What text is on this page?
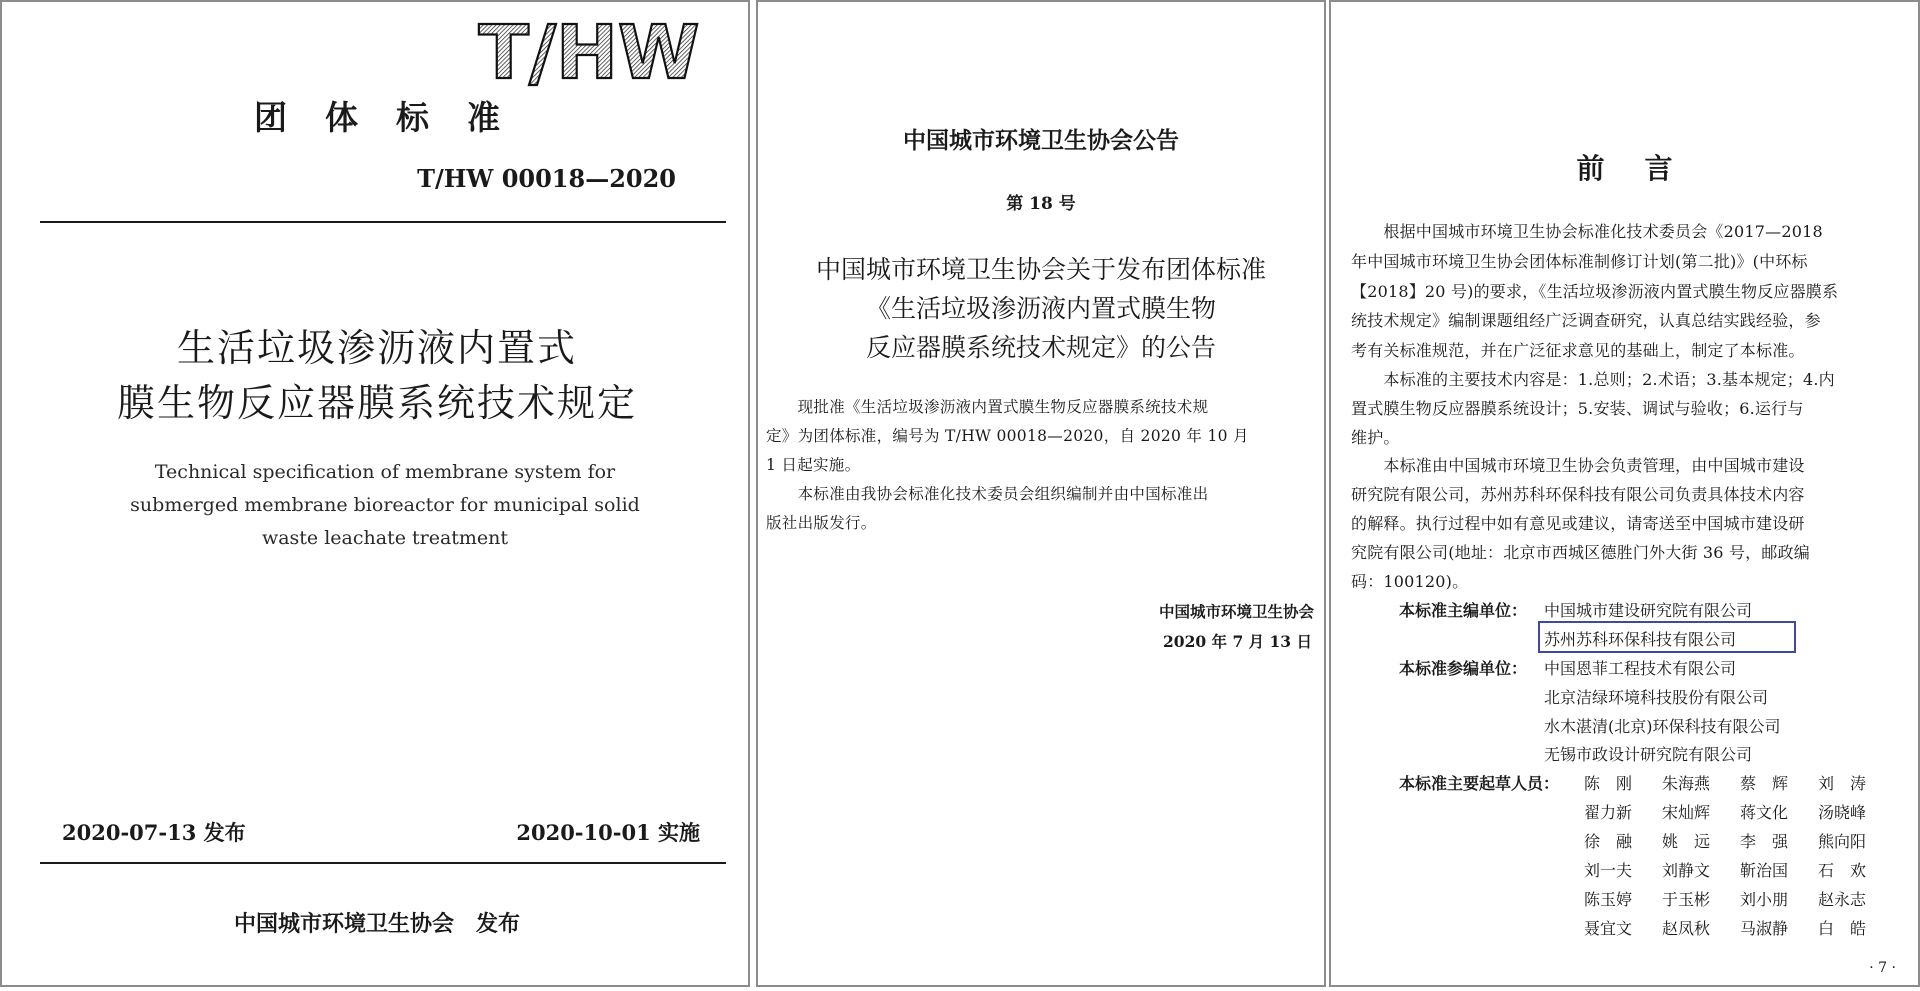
T/HW

团体标准

T/HW 00018—2020

生活垃圾渗沥液内置式

膜生物反应器膜系统技术规定

Technical specification of membrane system for

submerged membrane bioreactor for municipal solid

waste leachate treatment

2020-07-13 发布	2020-10-01 实施

中国城市环境卫生协会　发布

中国城市环境卫生协会公告

第 18 号

中国城市环境卫生协会关于发布团体标准

《生活垃圾渗沥液内置式膜生物

反应器膜系统技术规定》的公告

　　现批准《生活垃圾渗沥液内置式膜生物反应器膜系统技术规

定》为团体标准，编号为 T/HW 00018—2020，自 2020 年 10 月

1 日起实施。

　　本标准由我协会标准化技术委员会组织编制并由中国标准出

版社出版发行。

中国城市环境卫生协会

2020 年 7 月 13 日

前言

　　根据中国城市环境卫生协会标准化技术委员会《2017—2018

年中国城市环境卫生协会团体标准制修订计划(第二批)》(中环标

【2018】20 号)的要求，《生活垃圾渗沥液内置式膜生物反应器膜系

统技术规定》编制课题组经广泛调查研究，认真总结实践经验，参

考有关标准规范，并在广泛征求意见的基础上，制定了本标准。

　　本标准的主要技术内容是：1.总则；2.术语；3.基本规定；4.内

置式膜生物反应器膜系统设计；5.安装、调试与验收；6.运行与

维护。

　　本标准由中国城市环境卫生协会负责管理，由中国城市建设

研究院有限公司，苏州苏科环保科技有限公司负责具体技术内容

的解释。执行过程中如有意见或建议，请寄送至中国城市建设研

究院有限公司(地址：北京市西城区德胜门外大街 36 号，邮政编

码：100120)。

本标准主编单位： 中国城市建设研究院有限公司

苏州苏科环保科技有限公司

本标准参编单位： 中国恩菲工程技术有限公司

北京洁绿环境科技股份有限公司

水木湛清(北京)环保科技有限公司

无锡市政设计研究院有限公司

本标准主要起草人员： 陈　刚 朱海燕 蔡　辉 刘　涛
翟力新 宋灿辉 蒋文化 汤晓峰
徐　融 姚　远 李　强 熊向阳
刘一夫 刘静文 靳治国 石　欢
陈玉婷 于玉彬 刘小朋 赵永志
聂宜文 赵凤秋 马淑静 白　皓

· 7 ·
